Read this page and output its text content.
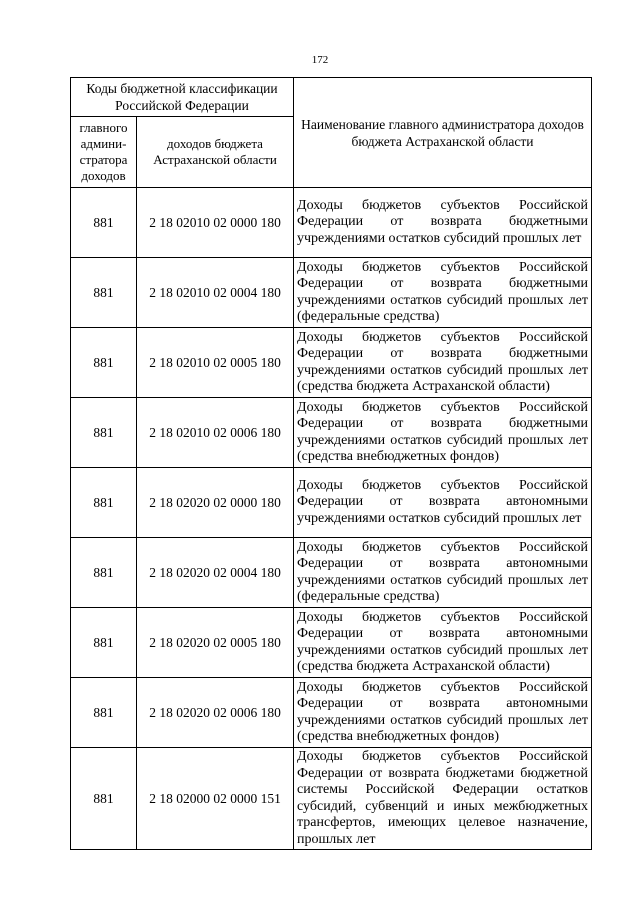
172
Коды бюджетной классификации Российской Федерации		Наименование главного администратора доходов бюджета Астраханской области
главного админи-стратора доходов	доходов бюджета Астраханской области	
881	2 18 02010 02 0000 180	Доходы бюджетов субъектов Российской Федерации от возврата бюджетными учреждениями остатков субсидий прошлых лет
881	2 18 02010 02 0004 180	Доходы бюджетов субъектов Российской Федерации от возврата бюджетными учреждениями остатков субсидий прошлых лет (федеральные средства)
881	2 18 02010 02 0005 180	Доходы бюджетов субъектов Российской Федерации от возврата бюджетными учреждениями остатков субсидий прошлых лет (средства бюджета Астраханской области)
881	2 18 02010 02 0006 180	Доходы бюджетов субъектов Российской Федерации от возврата бюджетными учреждениями остатков субсидий прошлых лет (средства внебюджетных фондов)
881	2 18 02020 02 0000 180	Доходы бюджетов субъектов Российской Федерации от возврата автономными учреждениями остатков субсидий прошлых лет
881	2 18 02020 02 0004 180	Доходы бюджетов субъектов Российской Федерации от возврата автономными учреждениями остатков субсидий прошлых лет (федеральные средства)
881	2 18 02020 02 0005 180	Доходы бюджетов субъектов Российской Федерации от возврата автономными учреждениями остатков субсидий прошлых лет (средства бюджета Астраханской области)
881	2 18 02020 02 0006 180	Доходы бюджетов субъектов Российской Федерации от возврата автономными учреждениями остатков субсидий прошлых лет (средства внебюджетных фондов)
881	2 18 02000 02 0000 151	Доходы бюджетов субъектов Российской Федерации от возврата бюджетами бюджетной системы Российской Федерации остатков субсидий, субвенций и иных межбюджетных трансфертов, имеющих целевое назначение, прошлых лет
